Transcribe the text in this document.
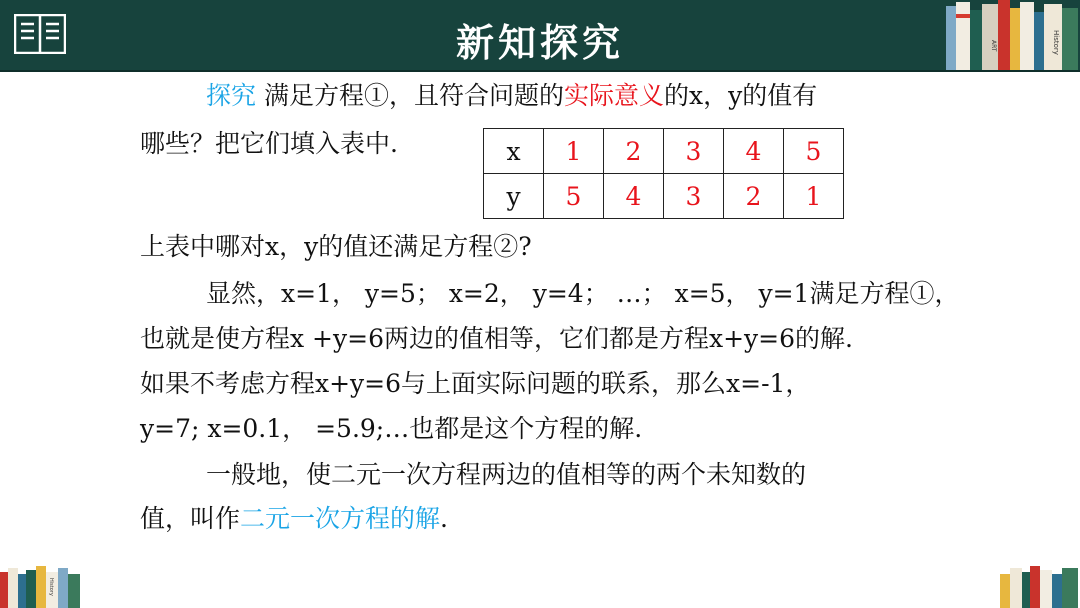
新知探究	ART	History
History
探究 满足方程①，且符合问题的实际意义的x，y的值有
哪些？把它们填入表中.	x	1	2	3	4	5
y	5	4	3	2	1
上表中哪对x，y的值还满足方程②?
显然，x=1， y=5； x=2， y=4； …； x=5， y=1满足方程①，
也就是使方程x +y=6两边的值相等，它们都是方程x+y=6的解.
如果不考虑方程x+y=6与上面实际问题的联系，那么x=-1，
y=7; x=0.1， =5.9;…也都是这个方程的解.
一般地，使二元一次方程两边的值相等的两个未知数的
值，叫作二元一次方程的解.
